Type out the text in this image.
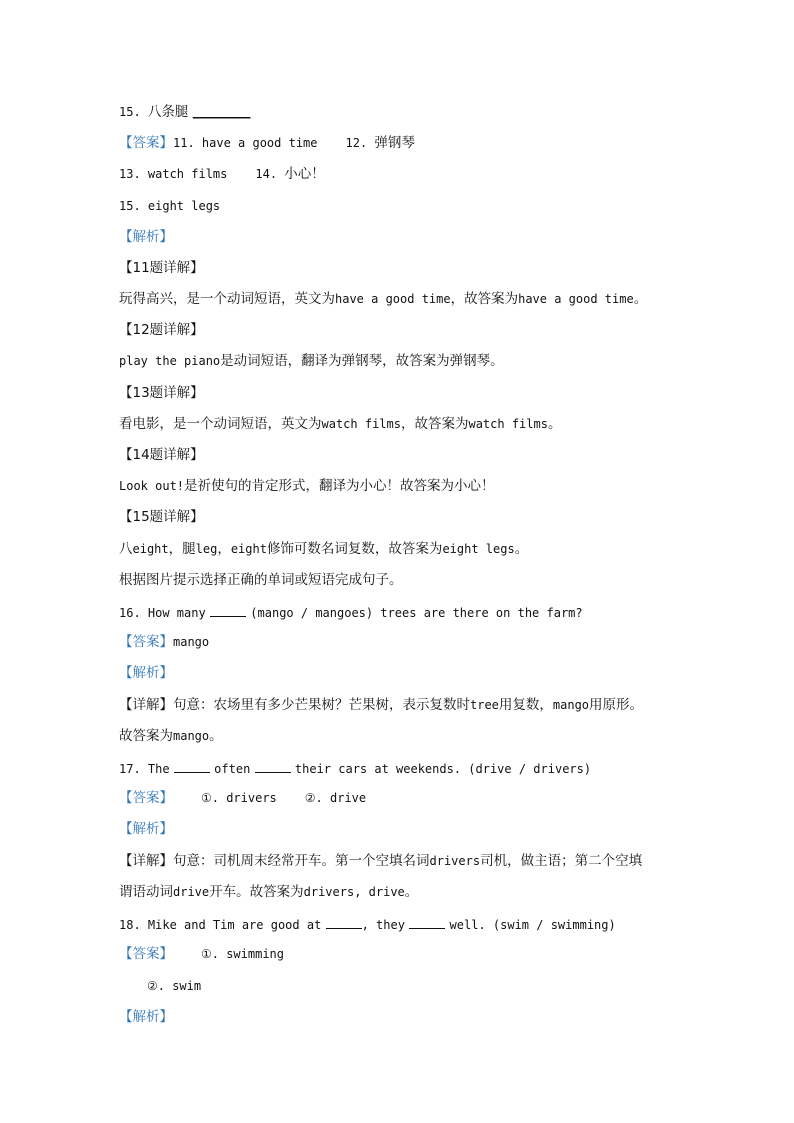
15. 八条腿 ________
【答案】11. have a good time 12. 弹钢琴
13. watch films 14. 小心！
15. eight legs
【解析】
【11题详解】
玩得高兴，是一个动词短语，英文为have a good time，故答案为have a good time。
【12题详解】
play the piano是动词短语，翻译为弹钢琴，故答案为弹钢琴。
【13题详解】
看电影，是一个动词短语，英文为watch films，故答案为watch films。
【14题详解】
Look out!是祈使句的肯定形式，翻译为小心！故答案为小心！
【15题详解】
八eight，腿leg，eight修饰可数名词复数，故答案为eight legs。
根据图片提示选择正确的单词或短语完成句子。
16. How many	(mango / mangoes) trees are there on the farm?
【答案】mango
【解析】
【详解】句意：农场里有多少芒果树？芒果树，表示复数时tree用复数，mango用原形。
故答案为mango。
17. The	often	their cars at weekends. (drive / drivers)
【答案】 ①. drivers ②. drive
【解析】
【详解】句意：司机周末经常开车。第一个空填名词drivers司机，做主语；第二个空填
谓语动词drive开车。故答案为drivers, drive。
18. Mike and Tim are good at	, they	well. (swim / swimming)
【答案】 ①. swimming
②. swim
【解析】
